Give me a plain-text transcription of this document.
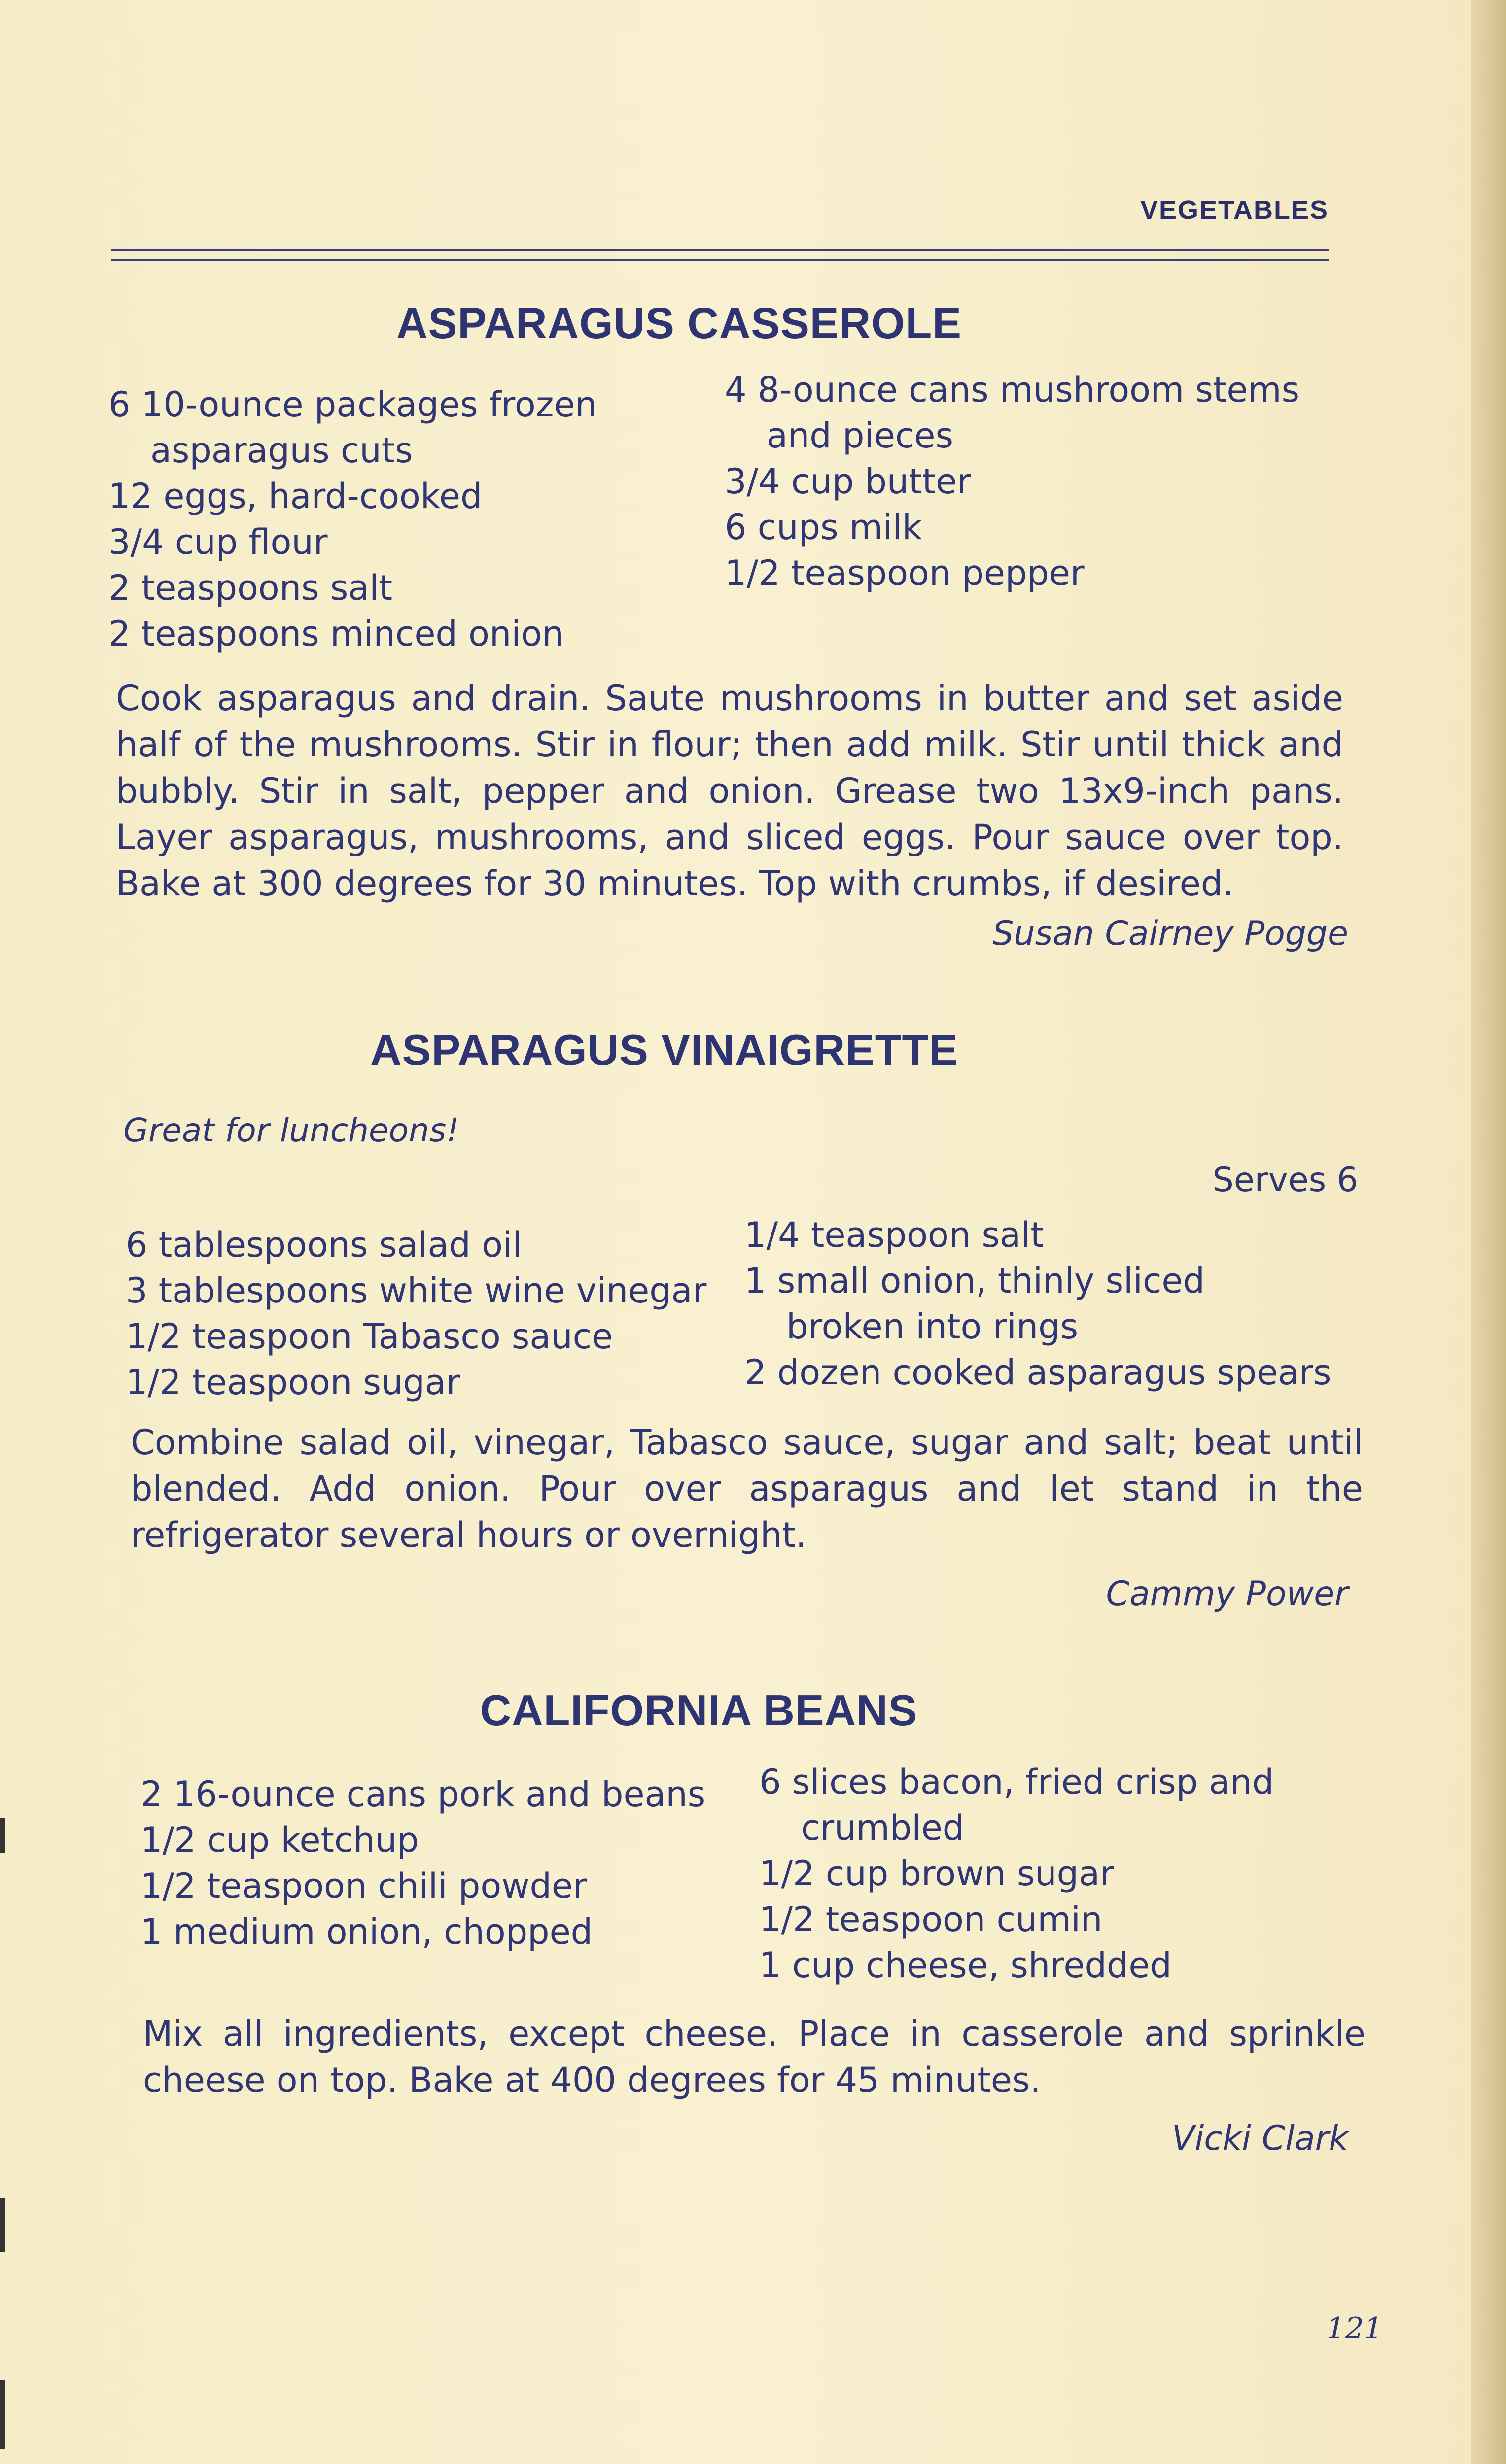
VEGETABLES
ASPARAGUS CASSEROLE
6 10-ounce packages frozen
asparagus cuts
12 eggs, hard-cooked
3/4 cup flour
2 teaspoons salt
2 teaspoons minced onion
4 8-ounce cans mushroom stems
and pieces
3/4 cup butter
6 cups milk
1/2 teaspoon pepper
Cook asparagus and drain. Saute mushrooms in butter and set aside half of the mushrooms. Stir in flour; then add milk. Stir until thick and bubbly. Stir in salt, pepper and onion. Grease two 13x9-inch pans. Layer asparagus, mushrooms, and sliced eggs. Pour sauce over top. Bake at 300 degrees for 30 minutes. Top with crumbs, if desired.
Susan Cairney Pogge
ASPARAGUS VINAIGRETTE
Great for luncheons!
Serves 6
6 tablespoons salad oil
3 tablespoons white wine vinegar
1/2 teaspoon Tabasco sauce
1/2 teaspoon sugar
1/4 teaspoon salt
1 small onion, thinly sliced
broken into rings
2 dozen cooked asparagus spears
Combine salad oil, vinegar, Tabasco sauce, sugar and salt; beat until blended. Add onion. Pour over asparagus and let stand in the refrigerator several hours or overnight.
Cammy Power
CALIFORNIA BEANS
2 16-ounce cans pork and beans
1/2 cup ketchup
1/2 teaspoon chili powder
1 medium onion, chopped
6 slices bacon, fried crisp and
crumbled
1/2 cup brown sugar
1/2 teaspoon cumin
1 cup cheese, shredded
Mix all ingredients, except cheese. Place in casserole and sprinkle cheese on top. Bake at 400 degrees for 45 minutes.
Vicki Clark
121
